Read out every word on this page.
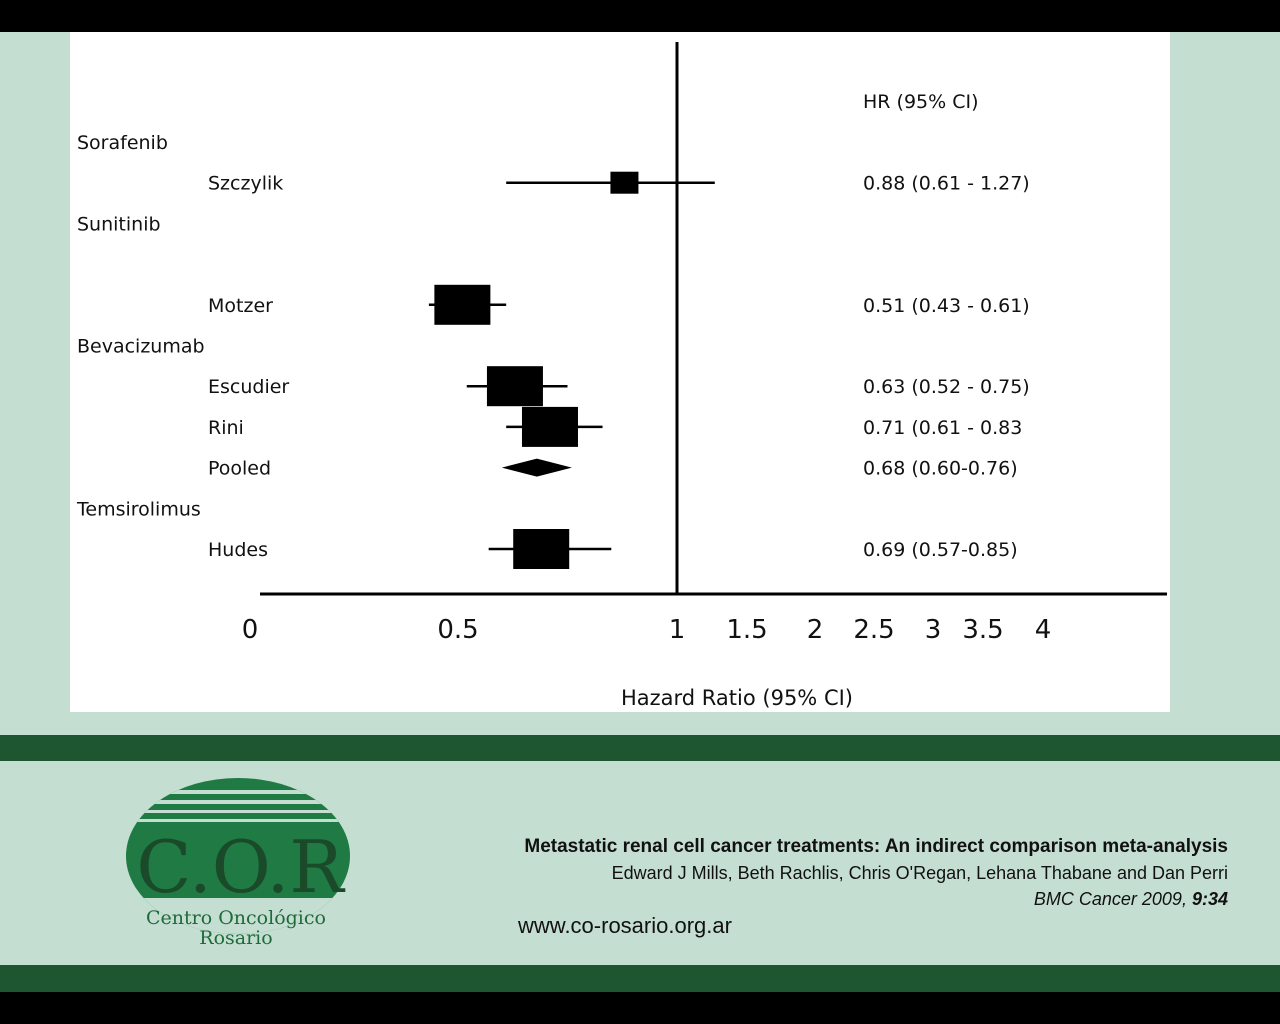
HR (95% CI)
0	0.5	1 1.5 2 2.5 3 3.5 4
Hazard Ratio (95% CI)
Sorafenib
Szczylik	0.88 (0.61 - 1.27)
Sunitinib
Motzer	0.51 (0.43 - 0.61)
Bevacizumab
Escudier	0.63 (0.52 - 0.75)
Rini	0.71 (0.61 - 0.83
Pooled	0.68 (0.60-0.76)
Temsirolimus
Hudes	0.69 (0.57-0.85)
C.O.R
Centro Oncológico
Rosario
Metastatic renal cell cancer treatments: An indirect comparison meta-analysis
Edward J Mills, Beth Rachlis, Chris O'Regan, Lehana Thabane and Dan Perri
BMC Cancer 2009, 9:34
www.co-rosario.org.ar
